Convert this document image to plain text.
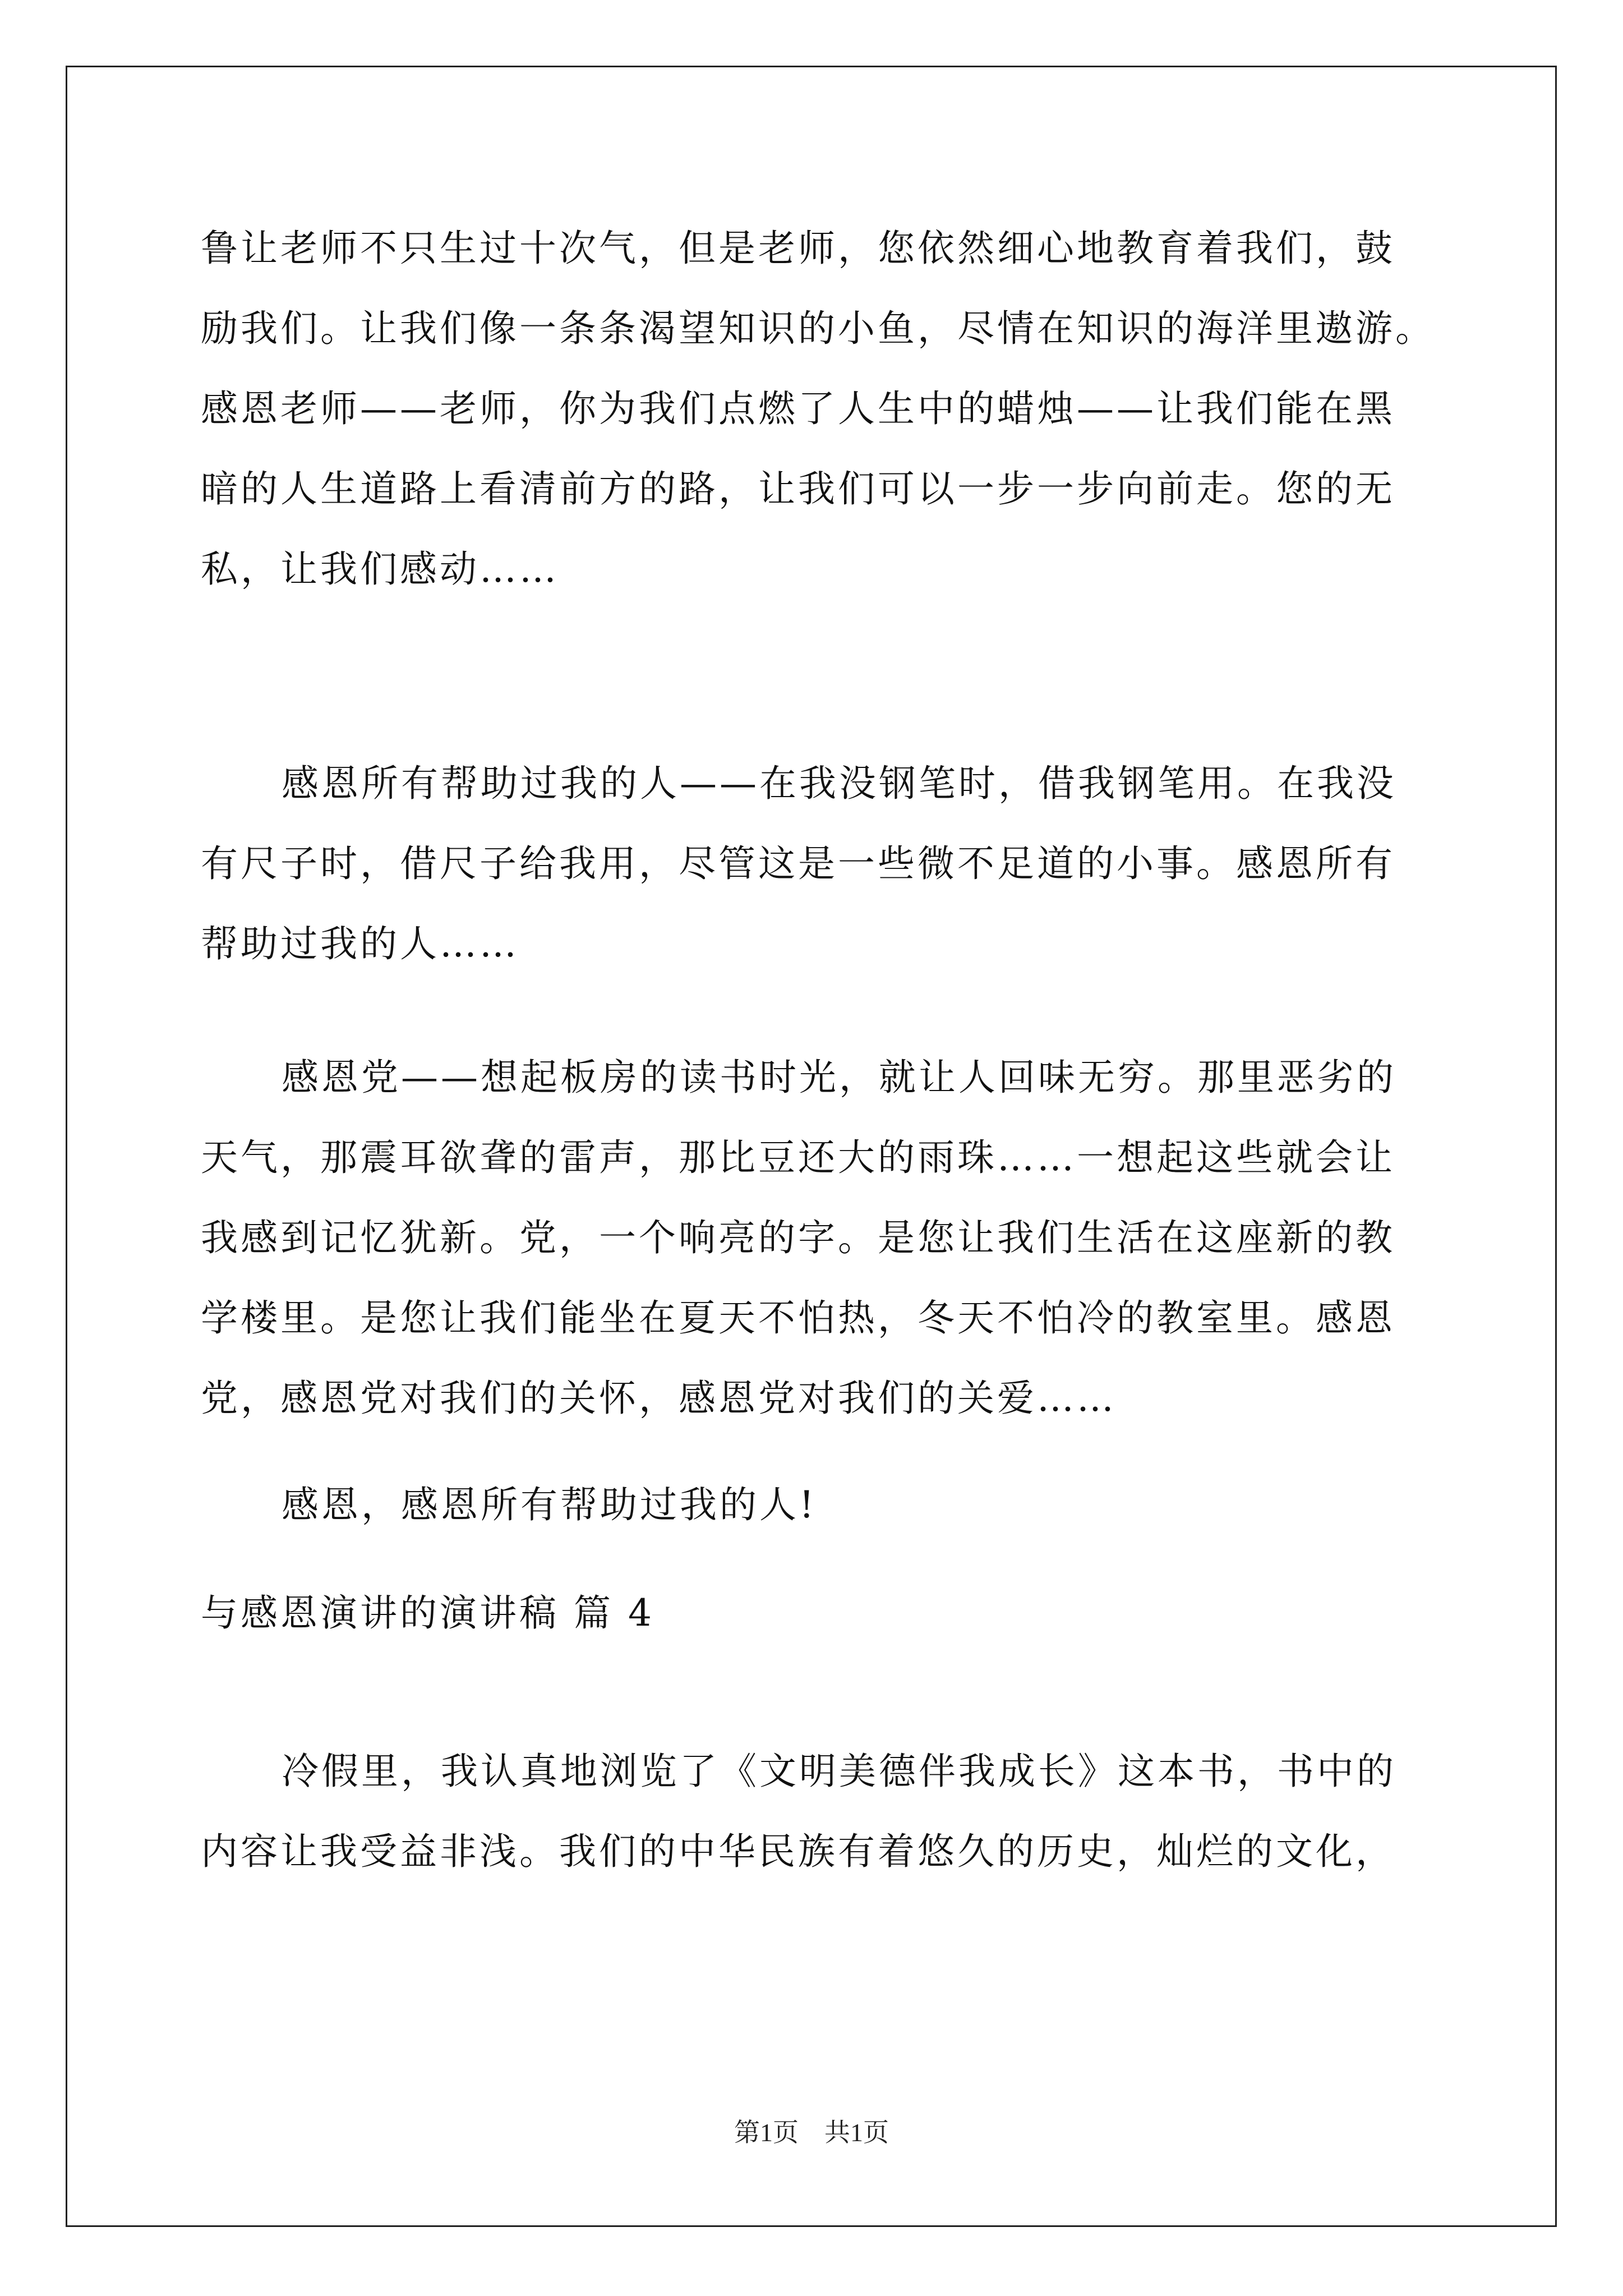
鲁让老师不只生过十次气，但是老师，您依然细心地教育着我们，鼓

励我们。让我们像一条条渴望知识的小鱼，尽情在知识的海洋里遨游。

感恩老师——老师，你为我们点燃了人生中的蜡烛——让我们能在黑

暗的人生道路上看清前方的路，让我们可以一步一步向前走。您的无

私，让我们感动……

感恩所有帮助过我的人——在我没钢笔时，借我钢笔用。在我没

有尺子时，借尺子给我用，尽管这是一些微不足道的小事。感恩所有

帮助过我的人……

感恩党——想起板房的读书时光，就让人回味无穷。那里恶劣的

天气，那震耳欲聋的雷声，那比豆还大的雨珠……一想起这些就会让

我感到记忆犹新。党，一个响亮的字。是您让我们生活在这座新的教

学楼里。是您让我们能坐在夏天不怕热，冬天不怕冷的教室里。感恩

党，感恩党对我们的关怀，感恩党对我们的关爱……

感恩，感恩所有帮助过我的人!

与感恩演讲的演讲稿 篇 4

冷假里，我认真地浏览了《文明美德伴我成长》这本书，书中的

内容让我受益非浅。我们的中华民族有着悠久的历史，灿烂的文化，

第1页　共1页
